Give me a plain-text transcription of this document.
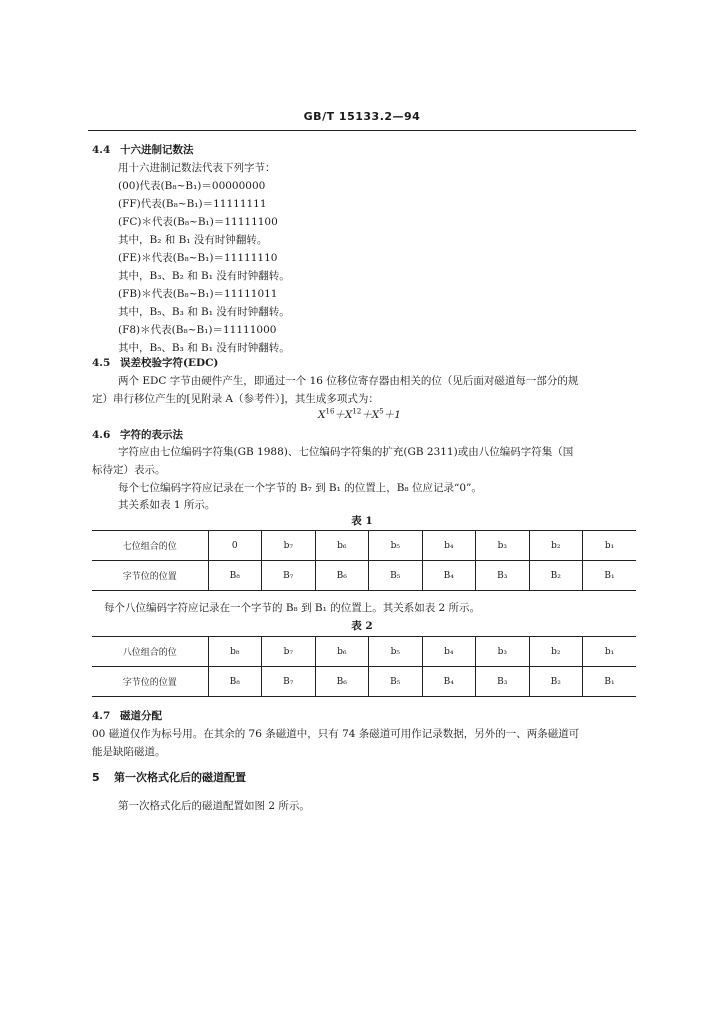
GB/T 15133.2—94
4.4 十六进制记数法
用十六进制记数法代表下列字节：
(00)代表(B₈~B₁)＝00000000
(FF)代表(B₈~B₁)＝11111111
(FC)＊代表(B₈~B₁)＝11111100
其中，B₂ 和 B₁ 没有时钟翻转。
(FE)＊代表(B₈~B₁)＝11111110
其中，B₃、B₂ 和 B₁ 没有时钟翻转。
(FB)＊代表(B₈~B₁)＝11111011
其中，B₅、B₃ 和 B₁ 没有时钟翻转。
(F8)＊代表(B₈~B₁)＝11111000
其中，B₅、B₃ 和 B₁ 没有时钟翻转。
4.5 误差校验字符(EDC)
两个 EDC 字节由硬件产生，即通过一个 16 位移位寄存器由相关的位（见后面对磁道每一部分的规
定）串行移位产生的[见附录 A（参考件）]，其生成多项式为：
$X^{16}+X^{12}+X^5+1$
4.6 字符的表示法
字符应由七位编码字符集(GB 1988)、七位编码字符集的扩充(GB 2311)或由八位编码字符集（国
标待定）表示。
每个七位编码字符应记录在一个字节的 B₇ 到 B₁ 的位置上，B₈ 位应记录“0”。
其关系如表 1 所示。
表 1
七位组合的位	0	b₇	b₆	b₅	b₄	b₃	b₂	b₁
字节位的位置	B₈	B₇	B₆	B₅	B₄	B₃	B₂	B₁
每个八位编码字符应记录在一个字节的 B₈ 到 B₁ 的位置上。其关系如表 2 所示。
表 2
八位组合的位	b₈	b₇	b₆	b₅	b₄	b₃	b₂	b₁
字节位的位置	B₈	B₇	B₆	B₅	B₄	B₃	B₂	B₁
4.7 磁道分配
00 磁道仅作为标号用。在其余的 76 条磁道中，只有 74 条磁道可用作记录数据，另外的一、两条磁道可
能是缺陷磁道。
5 第一次格式化后的磁道配置
第一次格式化后的磁道配置如图 2 所示。
